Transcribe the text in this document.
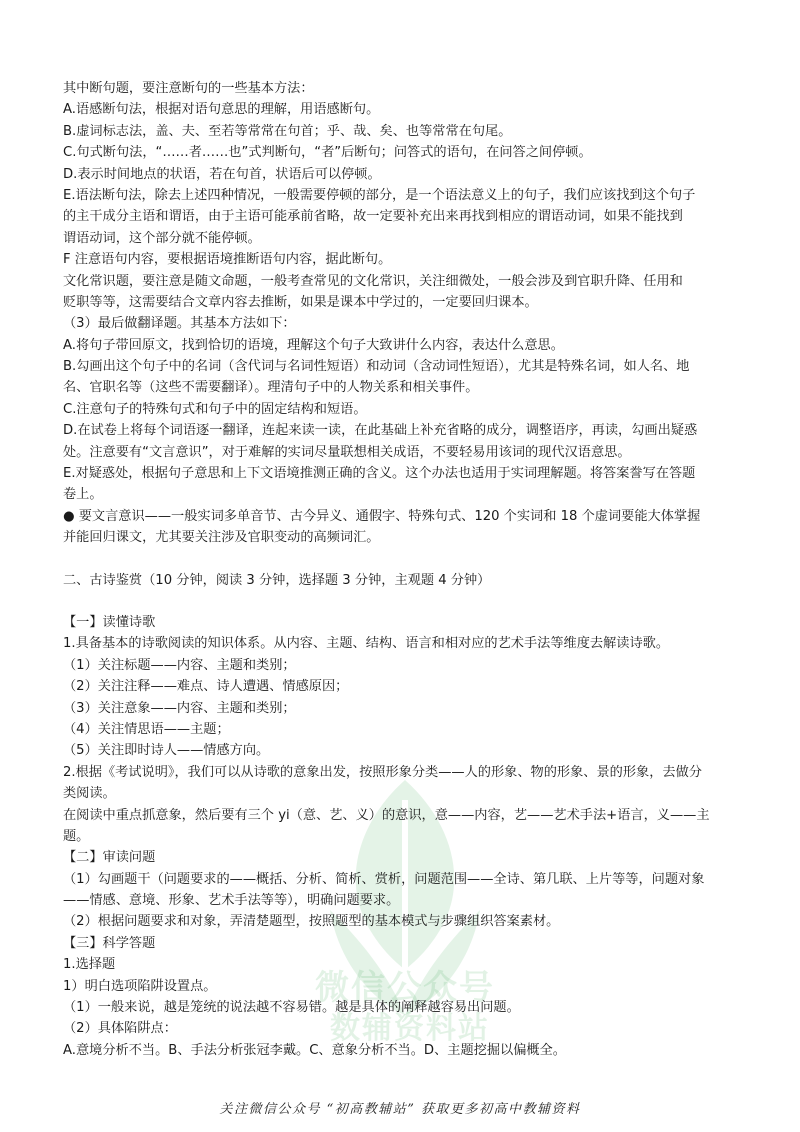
微信公众号
数辅资料站
其中断句题，要注意断句的一些基本方法：
A.语感断句法，根据对语句意思的理解，用语感断句。
B.虚词标志法，盖、夫、至若等常常在句首；乎、哉、矣、也等常常在句尾。
C.句式断句法，“……者……也”式判断句，“者”后断句；问答式的语句，在问答之间停顿。
D.表示时间地点的状语，若在句首，状语后可以停顿。
E.语法断句法，除去上述四种情况，一般需要停顿的部分，是一个语法意义上的句子，我们应该找到这个句子
的主干成分主语和谓语，由于主语可能承前省略，故一定要补充出来再找到相应的谓语动词，如果不能找到
谓语动词，这个部分就不能停顿。
F 注意语句内容，要根据语境推断语句内容，据此断句。
文化常识题，要注意是随文命题，一般考查常见的文化常识，关注细微处，一般会涉及到官职升降、任用和
贬职等等，这需要结合文章内容去推断，如果是课本中学过的，一定要回归课本。
（3）最后做翻译题。其基本方法如下：
A.将句子带回原文，找到恰切的语境，理解这个句子大致讲什么内容，表达什么意思。
B.勾画出这个句子中的名词（含代词与名词性短语）和动词（含动词性短语），尤其是特殊名词，如人名、地
名、官职名等（这些不需要翻译）。理清句子中的人物关系和相关事件。
C.注意句子的特殊句式和句子中的固定结构和短语。
D.在试卷上将每个词语逐一翻译，连起来读一读，在此基础上补充省略的成分，调整语序，再读，勾画出疑惑
处。注意要有“文言意识”，对于难解的实词尽量联想相关成语，不要轻易用该词的现代汉语意思。
E.对疑惑处，根据句子意思和上下文语境推测正确的含义。这个办法也适用于实词理解题。将答案誊写在答题
卷上。
● 要文言意识——一般实词多单音节、古今异义、通假字、特殊句式、120 个实词和 18 个虚词要能大体掌握
并能回归课文，尤其要关注涉及官职变动的高频词汇。
二、古诗鉴赏（10 分钟，阅读 3 分钟，选择题 3 分钟，主观题 4 分钟）
【一】读懂诗歌
1.具备基本的诗歌阅读的知识体系。从内容、主题、结构、语言和相对应的艺术手法等维度去解读诗歌。
（1）关注标题——内容、主题和类别；
（2）关注注释——难点、诗人遭遇、情感原因；
（3）关注意象——内容、主题和类别；
（4）关注情思语——主题；
（5）关注即时诗人——情感方向。
2.根据《考试说明》，我们可以从诗歌的意象出发，按照形象分类——人的形象、物的形象、景的形象，去做分
类阅读。
在阅读中重点抓意象，然后要有三个 yi（意、艺、义）的意识，意——内容，艺——艺术手法+语言，义——主
题。
【二】审读问题
（1）勾画题干（问题要求的——概括、分析、简析、赏析，问题范围——全诗、第几联、上片等等，问题对象
——情感、意境、形象、艺术手法等等），明确问题要求。
（2）根据问题要求和对象，弄清楚题型，按照题型的基本模式与步骤组织答案素材。
【三】科学答题
1.选择题
1）明白选项陷阱设置点。
（1）一般来说，越是笼统的说法越不容易错。越是具体的阐释越容易出问题。
（2）具体陷阱点：
A.意境分析不当。B、手法分析张冠李戴。C、意象分析不当。D、主题挖掘以偏概全。
关注微信公众号 “初高教辅站” 获取更多初高中教辅资料
